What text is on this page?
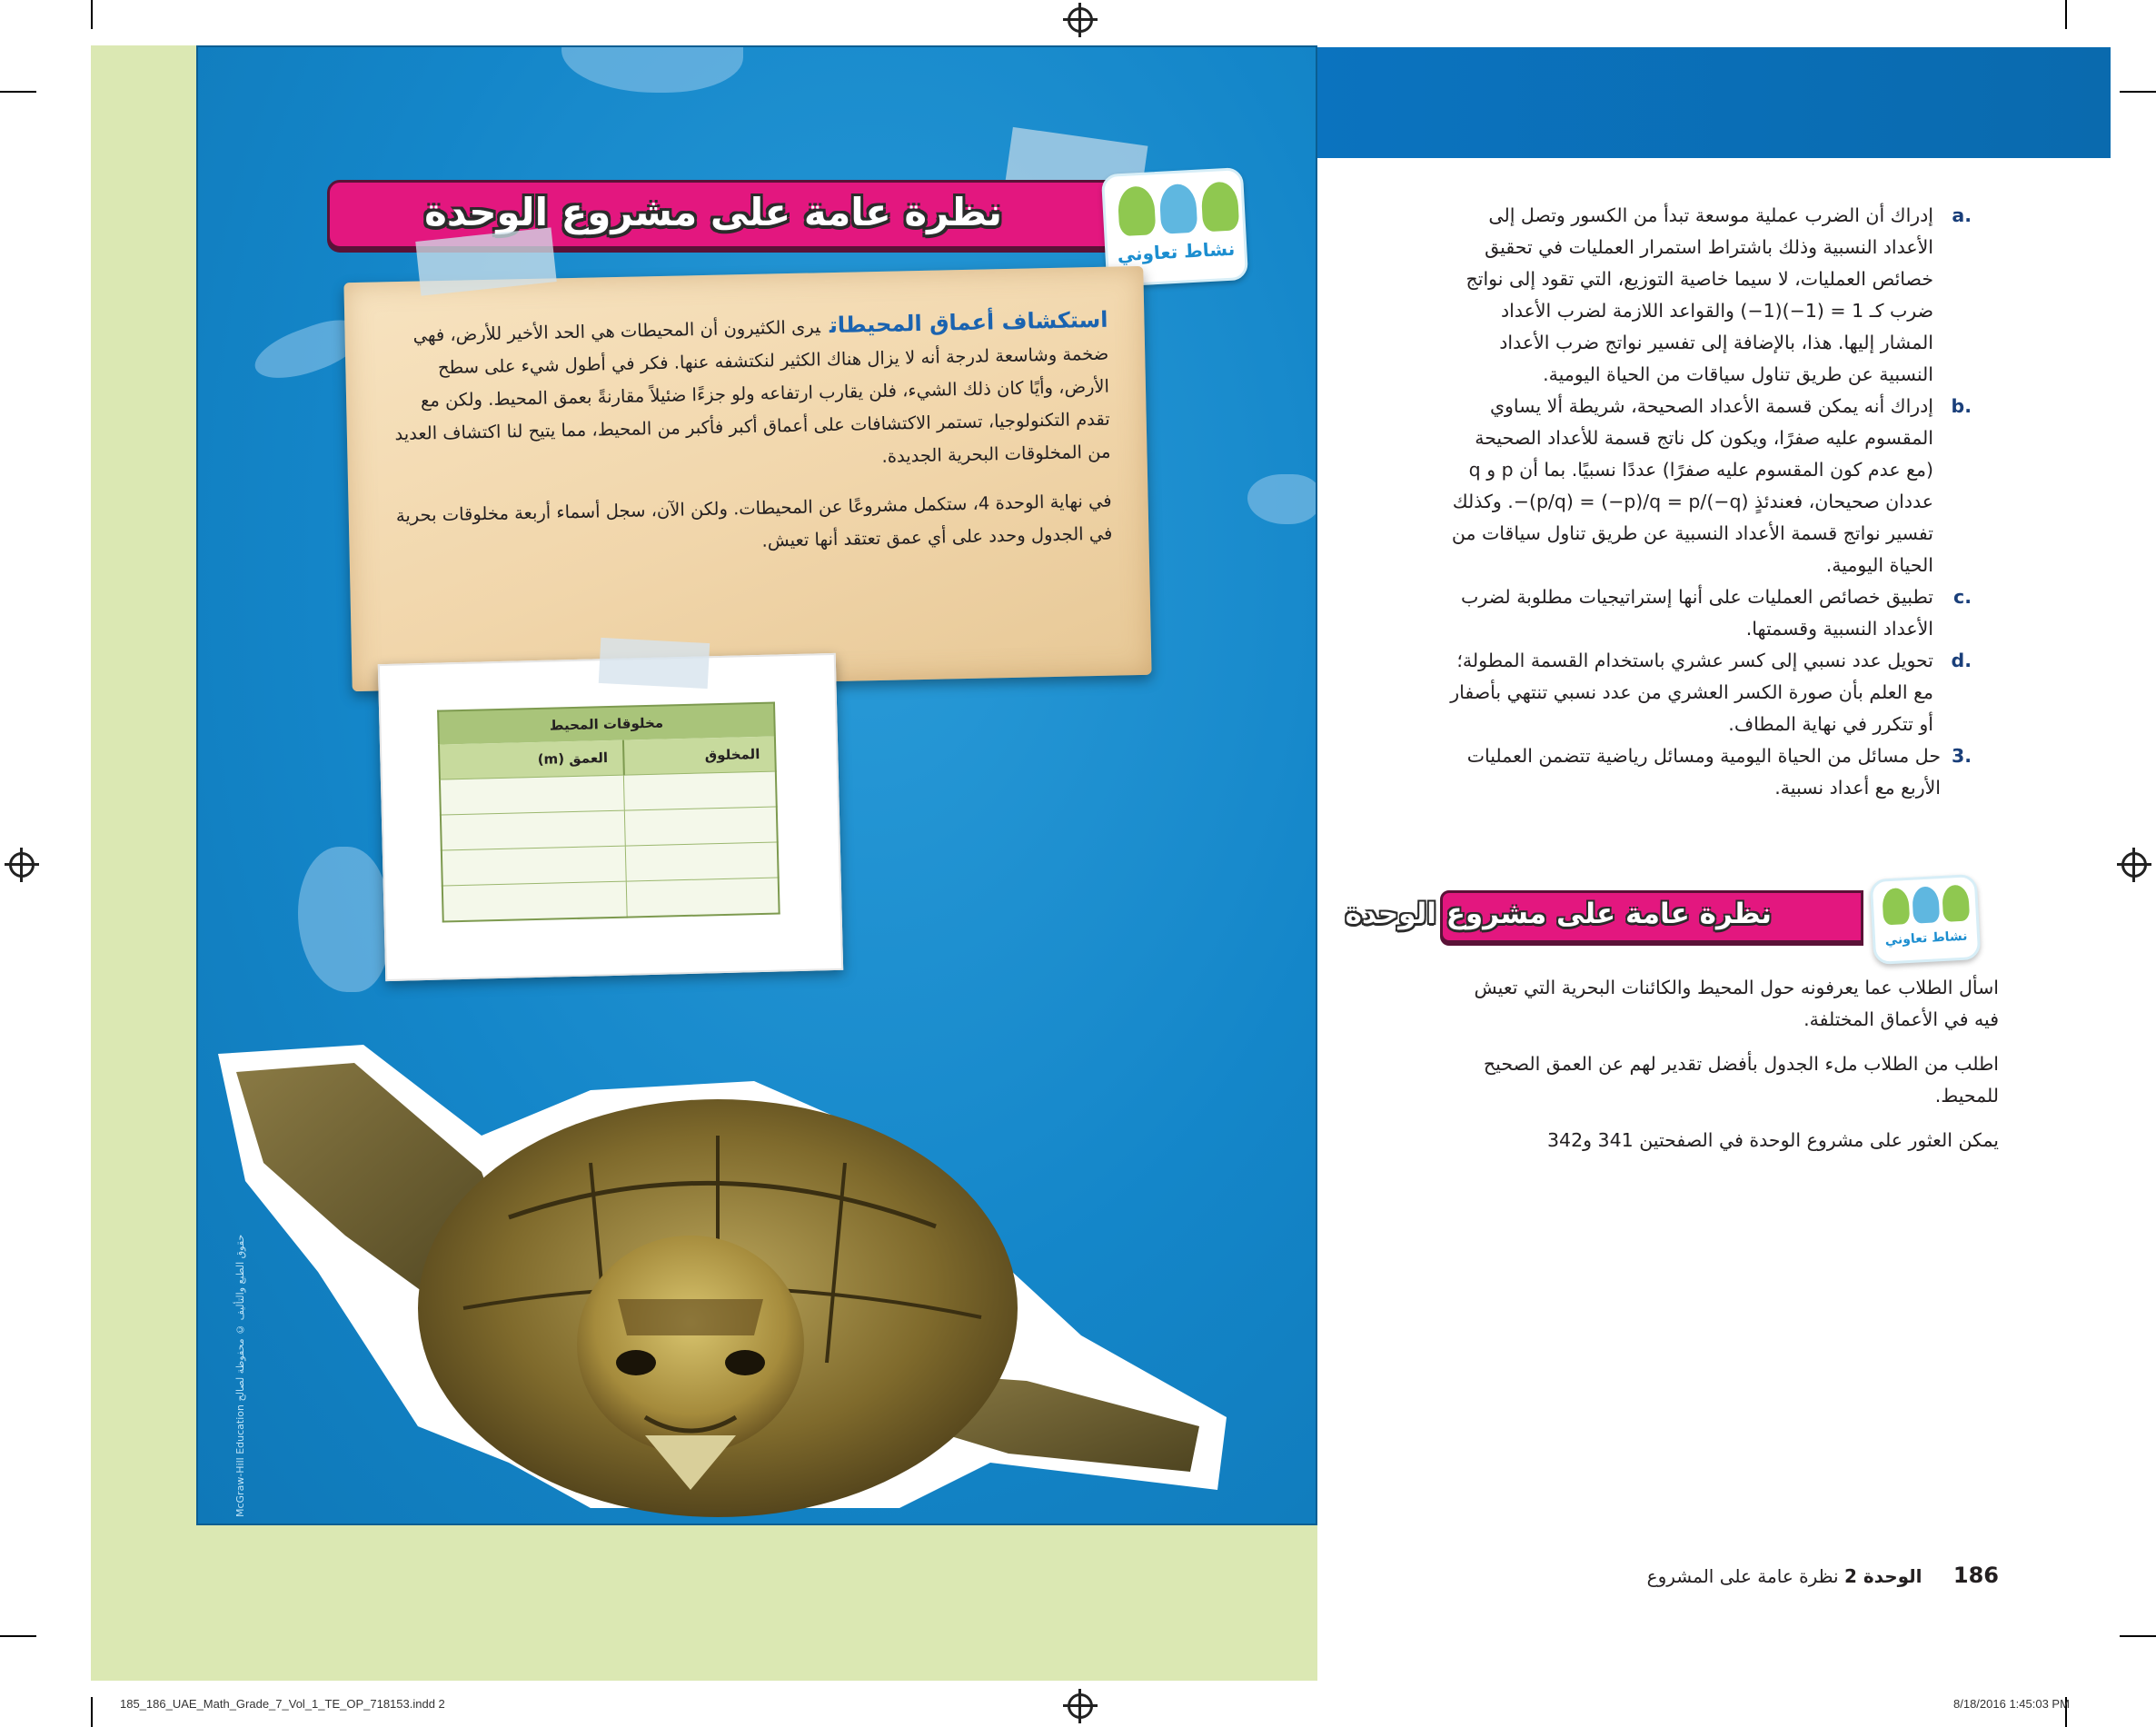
نظرة عامة على مشروع الوحدة
نشاط تعاوني
استكشاف أعماق المحيطاتيرى الكثيرون أن المحيطات هي الحد الأخير للأرض، فهي ضخمة وشاسعة لدرجة أنه لا يزال هناك الكثير لنكتشفه عنها. فكر في أطول شيء على سطح الأرض، وأيًا كان ذلك الشيء، فلن يقارب ارتفاعه ولو جزءًا ضئيلاً مقارنةً بعمق المحيط. ولكن مع تقدم التكنولوجيا، تستمر الاكتشافات على أعماق أكبر فأكبر من المحيط، مما يتيح لنا اكتشاف العديد من المخلوقات البحرية الجديدة.
في نهاية الوحدة 4، ستكمل مشروعًا عن المحيطات. ولكن الآن، سجل أسماء أربعة مخلوقات بحرية في الجدول وحدد على أي عمق تعتقد أنها تعيش.
مخلوقات المحيط	
المخلوق	العمق (m)

McGraw-Hill Education حقوق الطبع والتأليف © محفوظة لصالح
a.
إدراك أن الضرب عملية موسعة تبدأ من الكسور وتصل إلى الأعداد النسبية وذلك باشتراط استمرار العمليات في تحقيق خصائص العمليات، لا سيما خاصية التوزيع، التي تقود إلى نواتج ضرب كـ 1 = (1−)(1−) والقواعد اللازمة لضرب الأعداد المشار إليها. هذا، بالإضافة إلى تفسير نواتج ضرب الأعداد النسبية عن طريق تناول سياقات من الحياة اليومية.
b.
إدراك أنه يمكن قسمة الأعداد الصحيحة، شريطة ألا يساوي المقسوم عليه صفرًا، ويكون كل ناتج قسمة للأعداد الصحيحة (مع عدم كون المقسوم عليه صفرًا) عددًا نسبيًا. بما أن p و q عددان صحيحان، فعندئذٍ ‎−(p/q) = (−p)/q = p/(−q)‎. وكذلك تفسير نواتج قسمة الأعداد النسبية عن طريق تناول سياقات من الحياة اليومية.
c.
تطبيق خصائص العمليات على أنها إستراتيجيات مطلوبة لضرب الأعداد النسبية وقسمتها.
d.
تحويل عدد نسبي إلى كسر عشري باستخدام القسمة المطولة؛ مع العلم بأن صورة الكسر العشري من عدد نسبي تنتهي بأصفار أو تتكرر في نهاية المطاف.
3.
حل مسائل من الحياة اليومية ومسائل رياضية تتضمن العمليات الأربع مع أعداد نسبية.
نظرة عامة على مشروع الوحدة
نشاط تعاوني

اسأل الطلاب عما يعرفونه حول المحيط والكائنات البحرية التي تعيش فيه في الأعماق المختلفة.

اطلب من الطلاب ملء الجدول بأفضل تقدير لهم عن العمق الصحيح للمحيط.

يمكن العثور على مشروع الوحدة في الصفحتين 341 و342

186 الوحدة 2 نظرة عامة على المشروع
185_186_UAE_Math_Grade_7_Vol_1_TE_OP_718153.indd 2	8/18/2016 1:45:03 PM
